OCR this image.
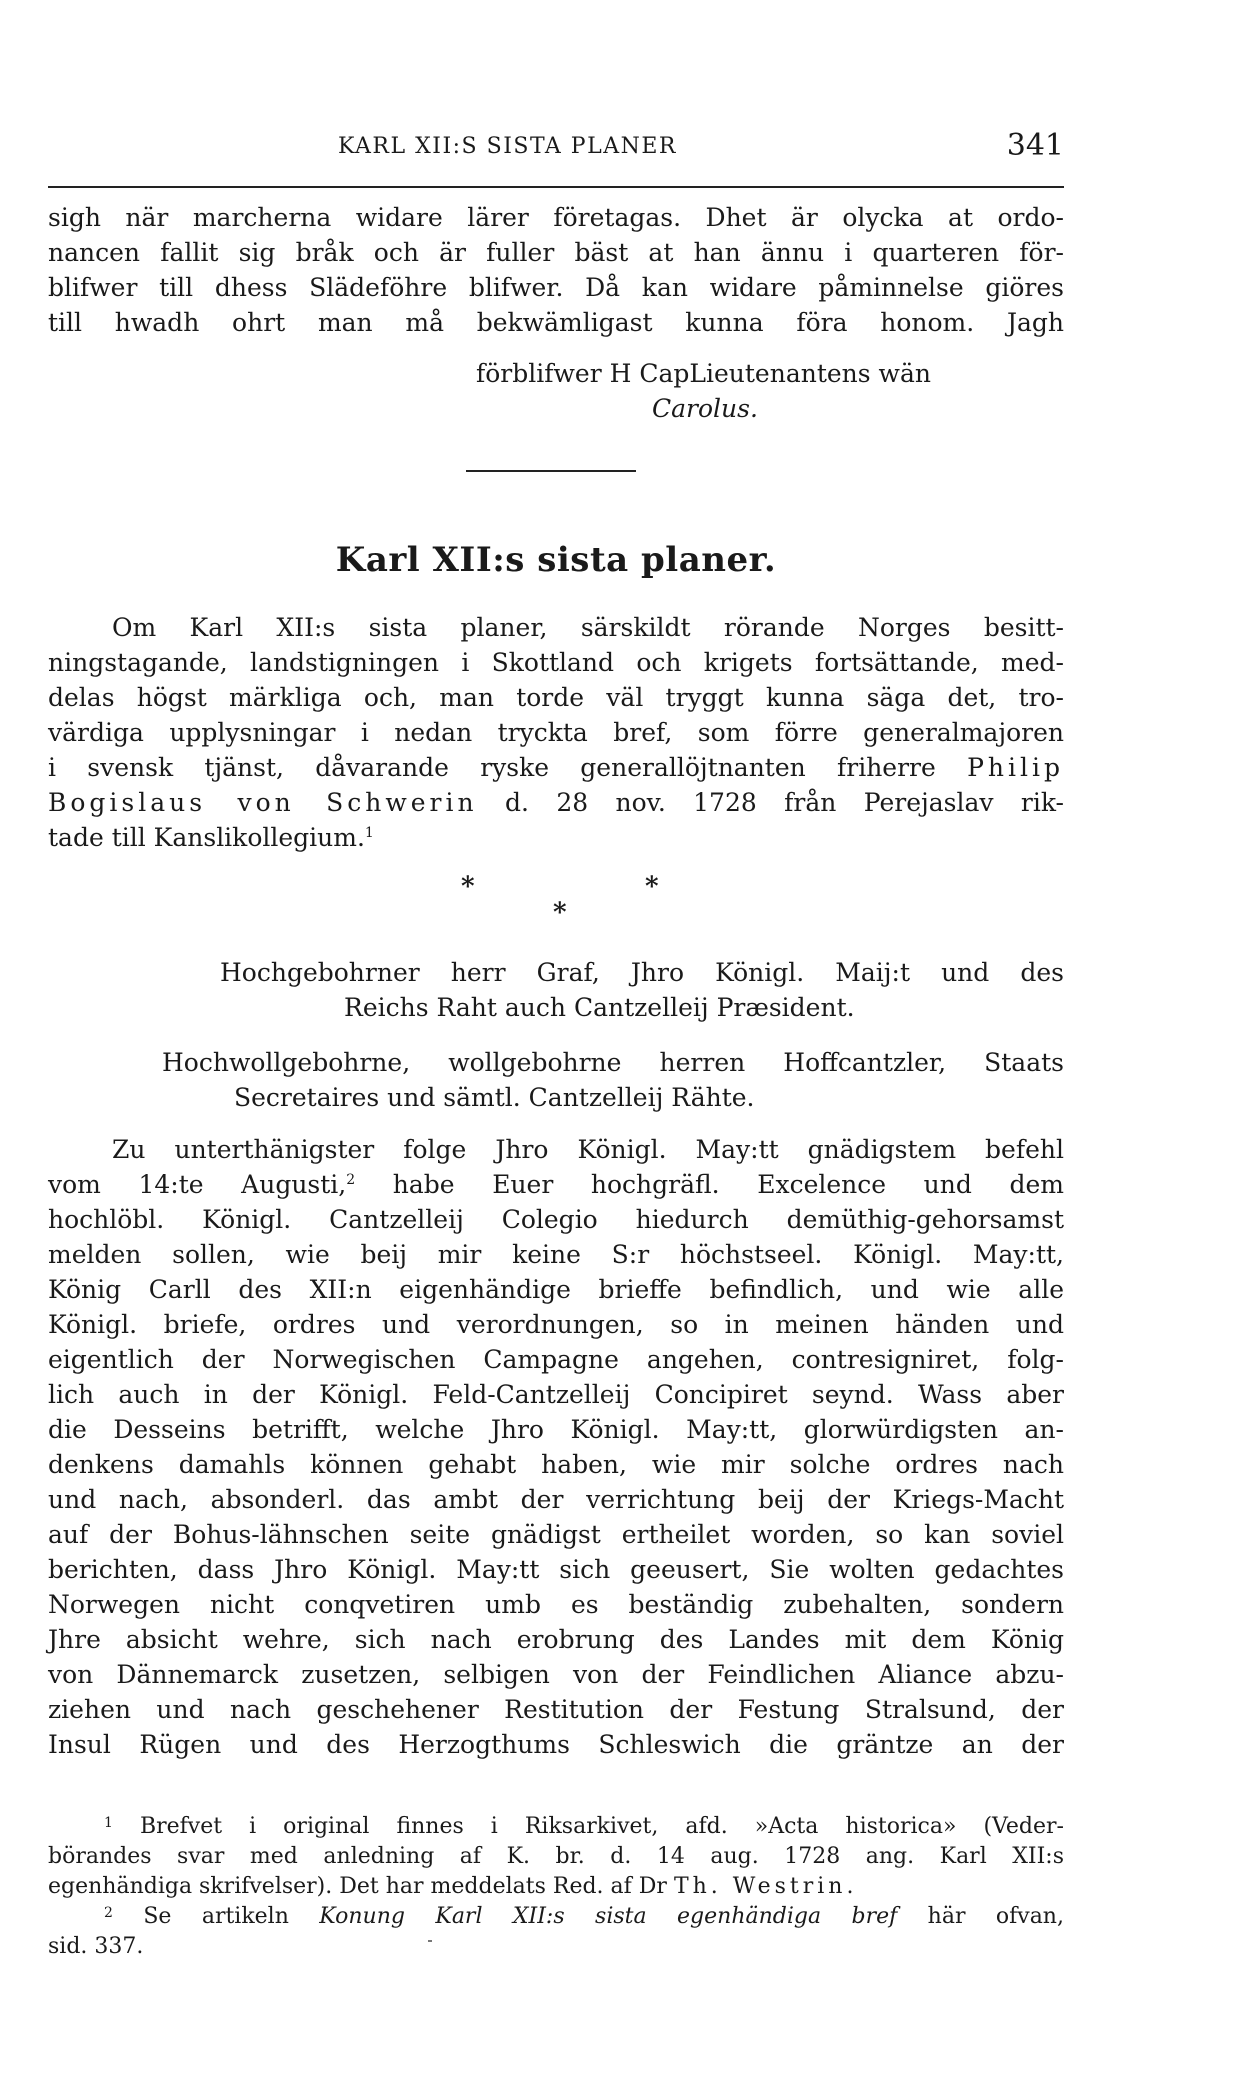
KARL XII:S SISTA PLANER	341
sigh när marcherna widare lärer företagas. Dhet är olycka at ordo-
nancen fallit sig bråk och är fuller bäst at han ännu i quarteren för-
blifwer till dhess Slädeföhre blifwer. Då kan widare påminnelse giöres
till hwadh ohrt man må bekwämligast kunna föra honom. Jagh
förblifwer H CapLieutenantens wän
Carolus.
Karl XII:s sista planer.
Om Karl XII:s sista planer, särskildt rörande Norges besitt-
ningstagande, landstigningen i Skottland och krigets fortsättande, med-
delas högst märkliga och, man torde väl tryggt kunna säga det, tro-
värdiga upplysningar i nedan tryckta bref, som förre generalmajoren
i svensk tjänst, dåvarande ryske generallöjtnanten friherre Philip
Bogislaus von Schwerin d. 28 nov. 1728 från Perejaslav rik-
tade till Kanslikollegium.$^1$
*	*
*
Hochgebohrner herr Graf, Jhro Königl. Maij:t und des
Reichs Raht auch Cantzelleij Præsident.
Hochwollgebohrne, wollgebohrne herren Hoffcantzler, Staats
Secretaires und sämtl. Cantzelleij Rähte.
Zu unterthänigster folge Jhro Königl. May:tt gnädigstem befehl
vom 14:te Augusti,$^2$ habe Euer hochgräfl. Excelence und dem
hochlöbl. Königl. Cantzelleij Colegio hiedurch demüthig-gehorsamst
melden sollen, wie beij mir keine S:r höchstseel. Königl. May:tt,
König Carll des XII:n eigenhändige brieffe befindlich, und wie alle
Königl. briefe, ordres und verordnungen, so in meinen händen und
eigentlich der Norwegischen Campagne angehen, contresigniret, folg-
lich auch in der Königl. Feld-Cantzelleij Concipiret seynd. Wass aber
die Desseins betrifft, welche Jhro Königl. May:tt, glorwürdigsten an-
denkens damahls können gehabt haben, wie mir solche ordres nach
und nach, absonderl. das ambt der verrichtung beij der Kriegs-Macht
auf der Bohus-lähnschen seite gnädigst ertheilet worden, so kan soviel
berichten, dass Jhro Königl. May:tt sich geeusert, Sie wolten gedachtes
Norwegen nicht conqvetiren umb es beständig zubehalten, sondern
Jhre absicht wehre, sich nach erobrung des Landes mit dem König
von Dännemarck zusetzen, selbigen von der Feindlichen Aliance abzu-
ziehen und nach geschehener Restitution der Festung Stralsund, der
Insul Rügen und des Herzogthums Schleswich die gräntze an der
$^1$ Brefvet i original finnes i Riksarkivet, afd. »Acta historica» (Veder-
börandes svar med anledning af K. br. d. 14 aug. 1728 ang. Karl XII:s
egenhändiga skrifvelser). Det har meddelats Red. af Dr Th. Westrin.
$^2$ Se artikeln Konung Karl XII:s sista egenhändiga bref här ofvan,
sid. 337.
